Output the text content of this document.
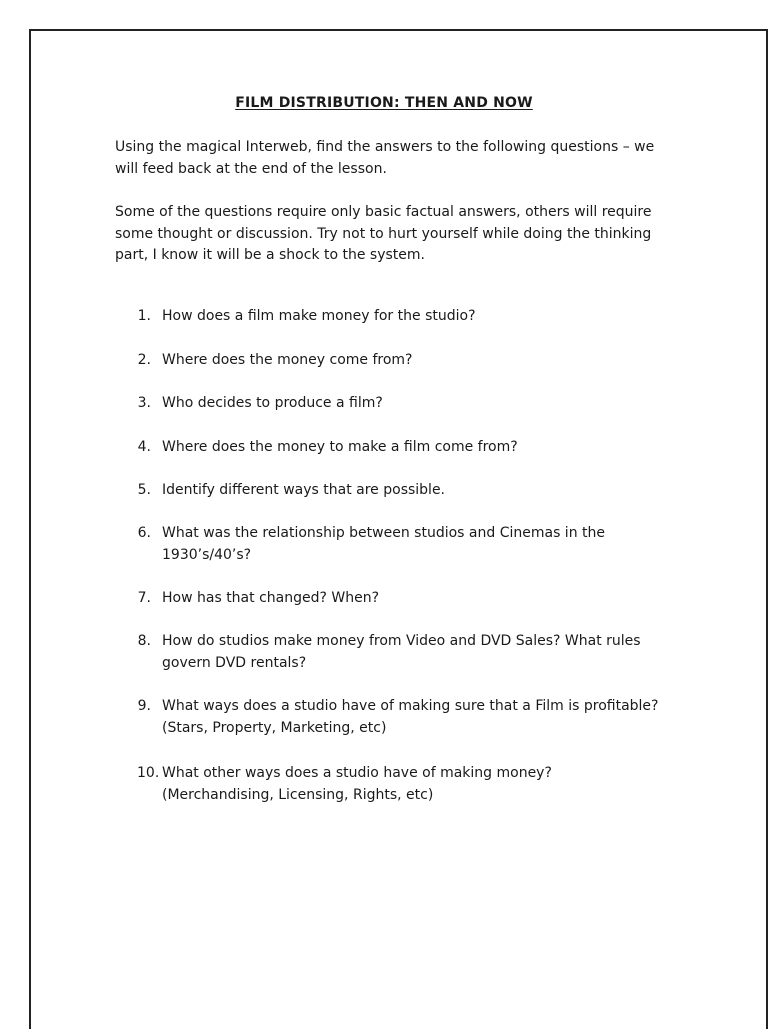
FILM DISTRIBUTION: THEN AND NOW
Using the magical Interweb, find the answers to the following questions – we will feed back at the end of the lesson.
Some of the questions require only basic factual answers, others will require some thought or discussion. Try not to hurt yourself while doing the thinking part, I know it will be a shock to the system.
1. How does a film make money for the studio?
2. Where does the money come from?
3. Who decides to produce a film?
4. Where does the money to make a film come from?
5. Identify different ways that are possible.
6. What was the relationship between studios and Cinemas in the 1930’s/40’s?
7. How has that changed? When?
8. How do studios make money from Video and DVD Sales? What rules govern DVD rentals?
9. What ways does a studio have of making sure that a Film is profitable? (Stars, Property, Marketing, etc)
10. What other ways does a studio have of making money?
(Merchandising, Licensing, Rights, etc)
